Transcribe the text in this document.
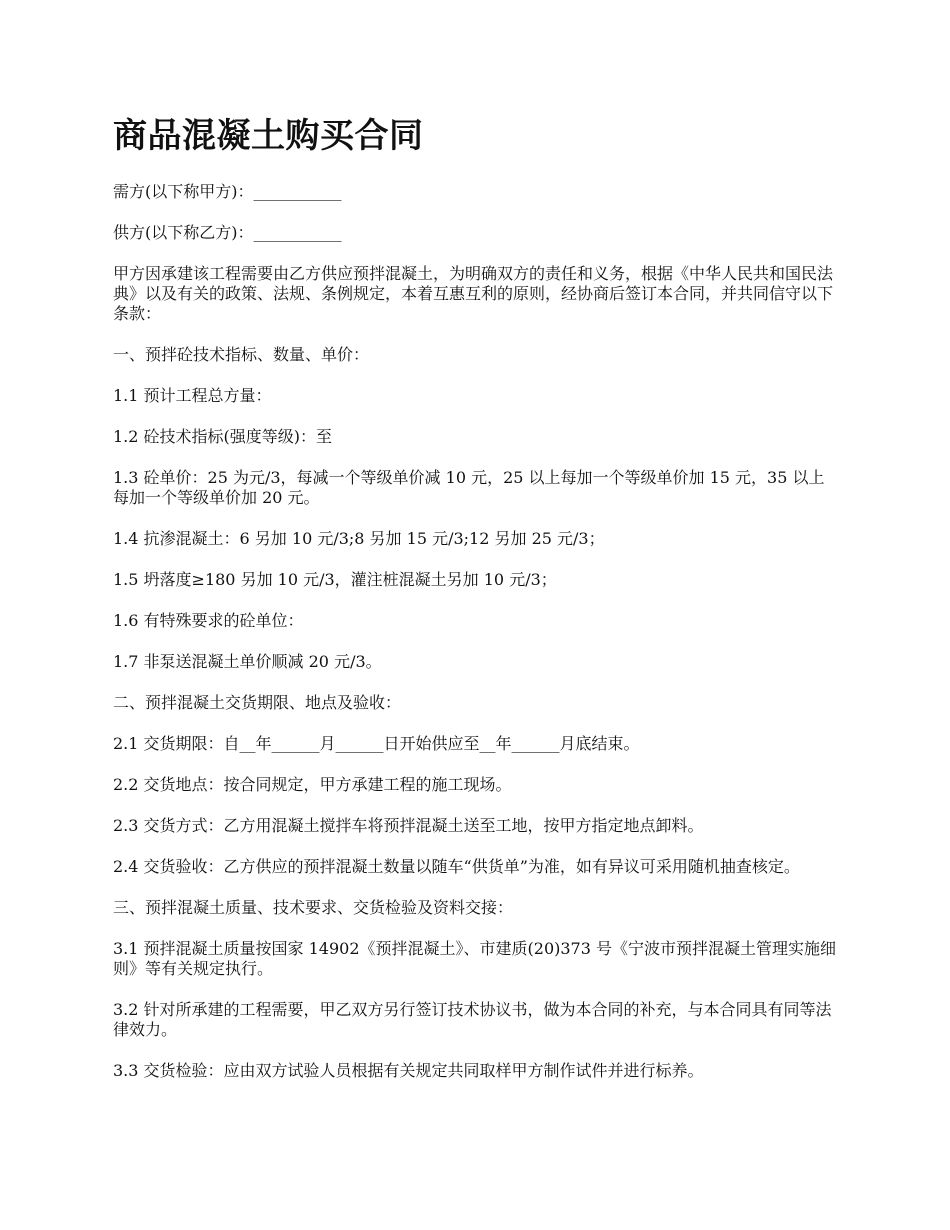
商品混凝土购买合同

需方(以下称甲方)：___________

供方(以下称乙方)：___________

甲方因承建该工程需要由乙方供应预拌混凝土，为明确双方的责任和义务，根据《中华人民共和国民法典》以及有关的政策、法规、条例规定，本着互惠互利的原则，经协商后签订本合同，并共同信守以下条款：

一、预拌砼技术指标、数量、单价：

1.1 预计工程总方量：

1.2 砼技术指标(强度等级)：至

1.3 砼单价：25 为元/3，每减一个等级单价减 10 元，25 以上每加一个等级单价加 15 元，35 以上每加一个等级单价加 20 元。

1.4 抗渗混凝土：6 另加 10 元/3;8 另加 15 元/3;12 另加 25 元/3；

1.5 坍落度≥180 另加 10 元/3，灌注桩混凝土另加 10 元/3；

1.6 有特殊要求的砼单位：

1.7 非泵送混凝土单价顺减 20 元/3。

二、预拌混凝土交货期限、地点及验收：

2.1 交货期限：自__年______月______日开始供应至__年______月底结束。

2.2 交货地点：按合同规定，甲方承建工程的施工现场。

2.3 交货方式：乙方用混凝土搅拌车将预拌混凝土送至工地，按甲方指定地点卸料。

2.4 交货验收：乙方供应的预拌混凝土数量以随车“供货单”为准，如有异议可采用随机抽查核定。

三、预拌混凝土质量、技术要求、交货检验及资料交接：

3.1 预拌混凝土质量按国家 14902《预拌混凝土》、市建质(20)373 号《宁波市预拌混凝土管理实施细则》等有关规定执行。

3.2 针对所承建的工程需要，甲乙双方另行签订技术协议书，做为本合同的补充，与本合同具有同等法律效力。

3.3 交货检验：应由双方试验人员根据有关规定共同取样甲方制作试件并进行标养。
